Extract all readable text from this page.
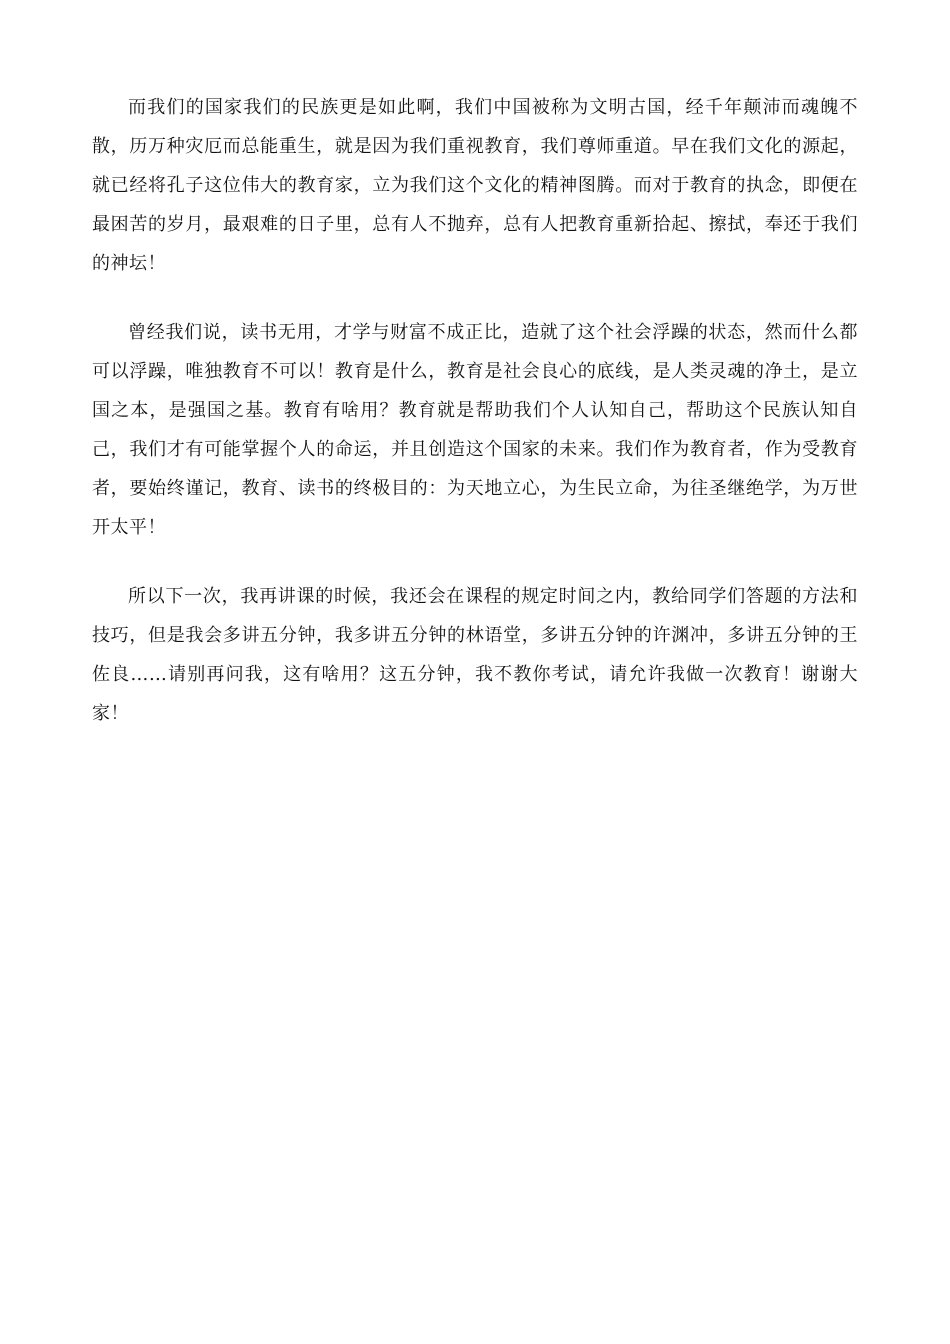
而我们的国家我们的民族更是如此啊，我们中国被称为文明古国，经千年颠沛而魂魄不散，历万种灾厄而总能重生，就是因为我们重视教育，我们尊师重道。早在我们文化的源起，就已经将孔子这位伟大的教育家，立为我们这个文化的精神图腾。而对于教育的执念，即便在最困苦的岁月，最艰难的日子里，总有人不抛弃，总有人把教育重新拾起、擦拭，奉还于我们的神坛！

曾经我们说，读书无用，才学与财富不成正比，造就了这个社会浮躁的状态，然而什么都可以浮躁，唯独教育不可以！教育是什么，教育是社会良心的底线，是人类灵魂的净土，是立国之本，是强国之基。教育有啥用？教育就是帮助我们个人认知自己，帮助这个民族认知自己，我们才有可能掌握个人的命运，并且创造这个国家的未来。我们作为教育者，作为受教育者，要始终谨记，教育、读书的终极目的：为天地立心，为生民立命，为往圣继绝学，为万世开太平！

所以下一次，我再讲课的时候，我还会在课程的规定时间之内，教给同学们答题的方法和技巧，但是我会多讲五分钟，我多讲五分钟的林语堂，多讲五分钟的许渊冲，多讲五分钟的王佐良……请别再问我，这有啥用？这五分钟，我不教你考试，请允许我做一次教育！谢谢大家！
